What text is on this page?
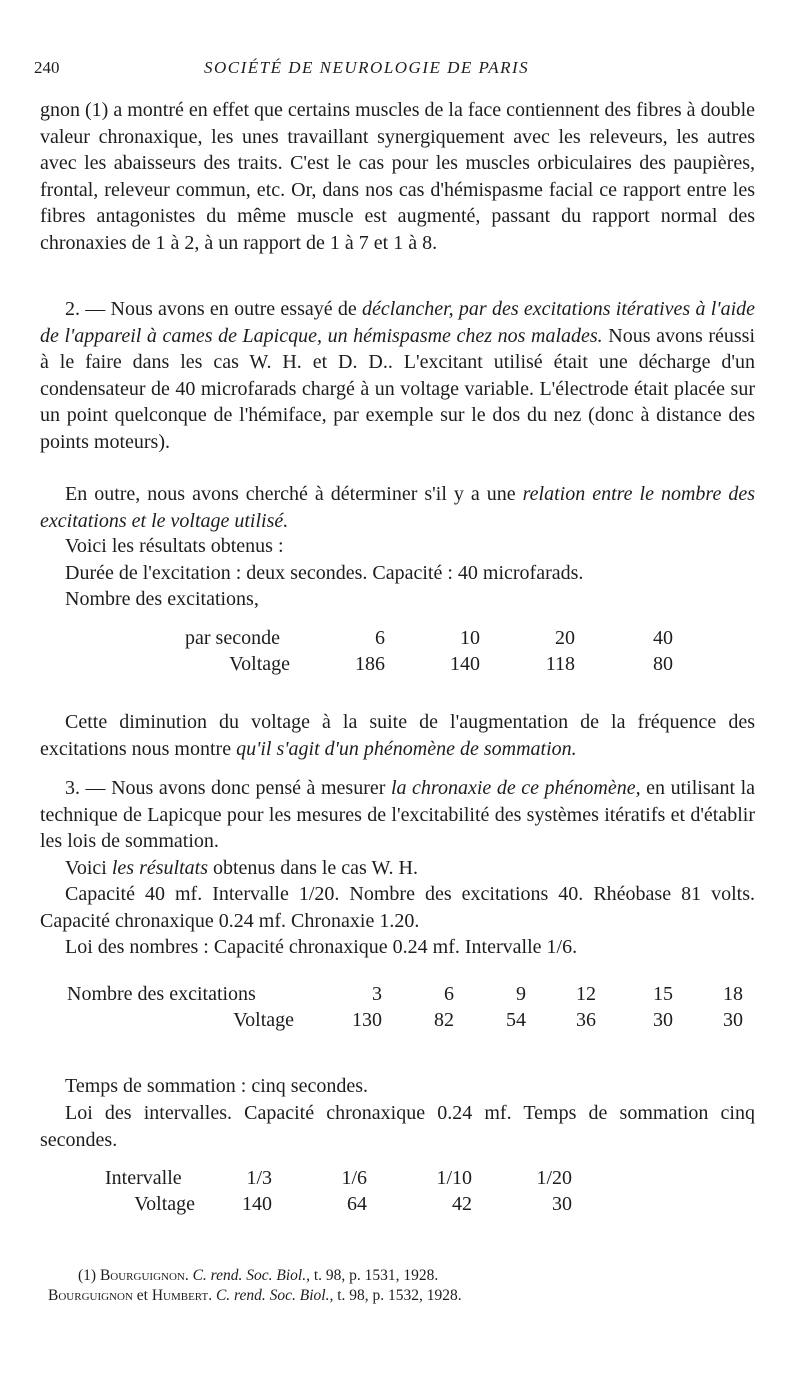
240	SOCIÉTÉ DE NEUROLOGIE DE PARIS

gnon (1) a montré en effet que certains muscles de la face contiennent des fibres à double valeur chronaxique, les unes travaillant synergiquement avec les releveurs, les autres avec les abaisseurs des traits. C'est le cas pour les muscles orbiculaires des paupières, frontal, releveur commun, etc. Or, dans nos cas d'hémispasme facial ce rapport entre les fibres antagonistes du même muscle est augmenté, passant du rapport normal des chronaxies de 1 à 2, à un rapport de 1 à 7 et 1 à 8.

2. — Nous avons en outre essayé de déclancher, par des excitations itératives à l'aide de l'appareil à cames de Lapicque, un hémispasme chez nos malades. Nous avons réussi à le faire dans les cas W. H. et D. D.. L'excitant utilisé était une décharge d'un condensateur de 40 microfarads chargé à un voltage variable. L'électrode était placée sur un point quelconque de l'hémiface, par exemple sur le dos du nez (donc à distance des points moteurs).

En outre, nous avons cherché à déterminer s'il y a une relation entre le nombre des excitations et le voltage utilisé.

Voici les résultats obtenus :

Durée de l'excitation : deux secondes. Capacité : 40 microfarads.

Nombre des excitations,

par seconde	6	10	20	40
Voltage	186	140	118	80

Cette diminution du voltage à la suite de l'augmentation de la fréquence des excitations nous montre qu'il s'agit d'un phénomène de sommation.

3. — Nous avons donc pensé à mesurer la chronaxie de ce phénomène, en utilisant la technique de Lapicque pour les mesures de l'excitabilité des systèmes itératifs et d'établir les lois de sommation.

Voici les résultats obtenus dans le cas W. H.

Capacité 40 mf. Intervalle 1/20. Nombre des excitations 40. Rhéobase 81 volts. Capacité chronaxique 0.24 mf. Chronaxie 1.20.

Loi des nombres : Capacité chronaxique 0.24 mf. Intervalle 1/6.

Nombre des excitations	3	6	9	12	15	18
Voltage	130	82	54	36	30	30

Temps de sommation : cinq secondes.

Loi des intervalles. Capacité chronaxique 0.24 mf. Temps de sommation cinq secondes.

Intervalle	1/3	1/6	1/10	1/20
Voltage	140	64	42	30

(1) Bourguignon. C. rend. Soc. Biol., t. 98, p. 1531, 1928.

Bourguignon et Humbert. C. rend. Soc. Biol., t. 98, p. 1532, 1928.
